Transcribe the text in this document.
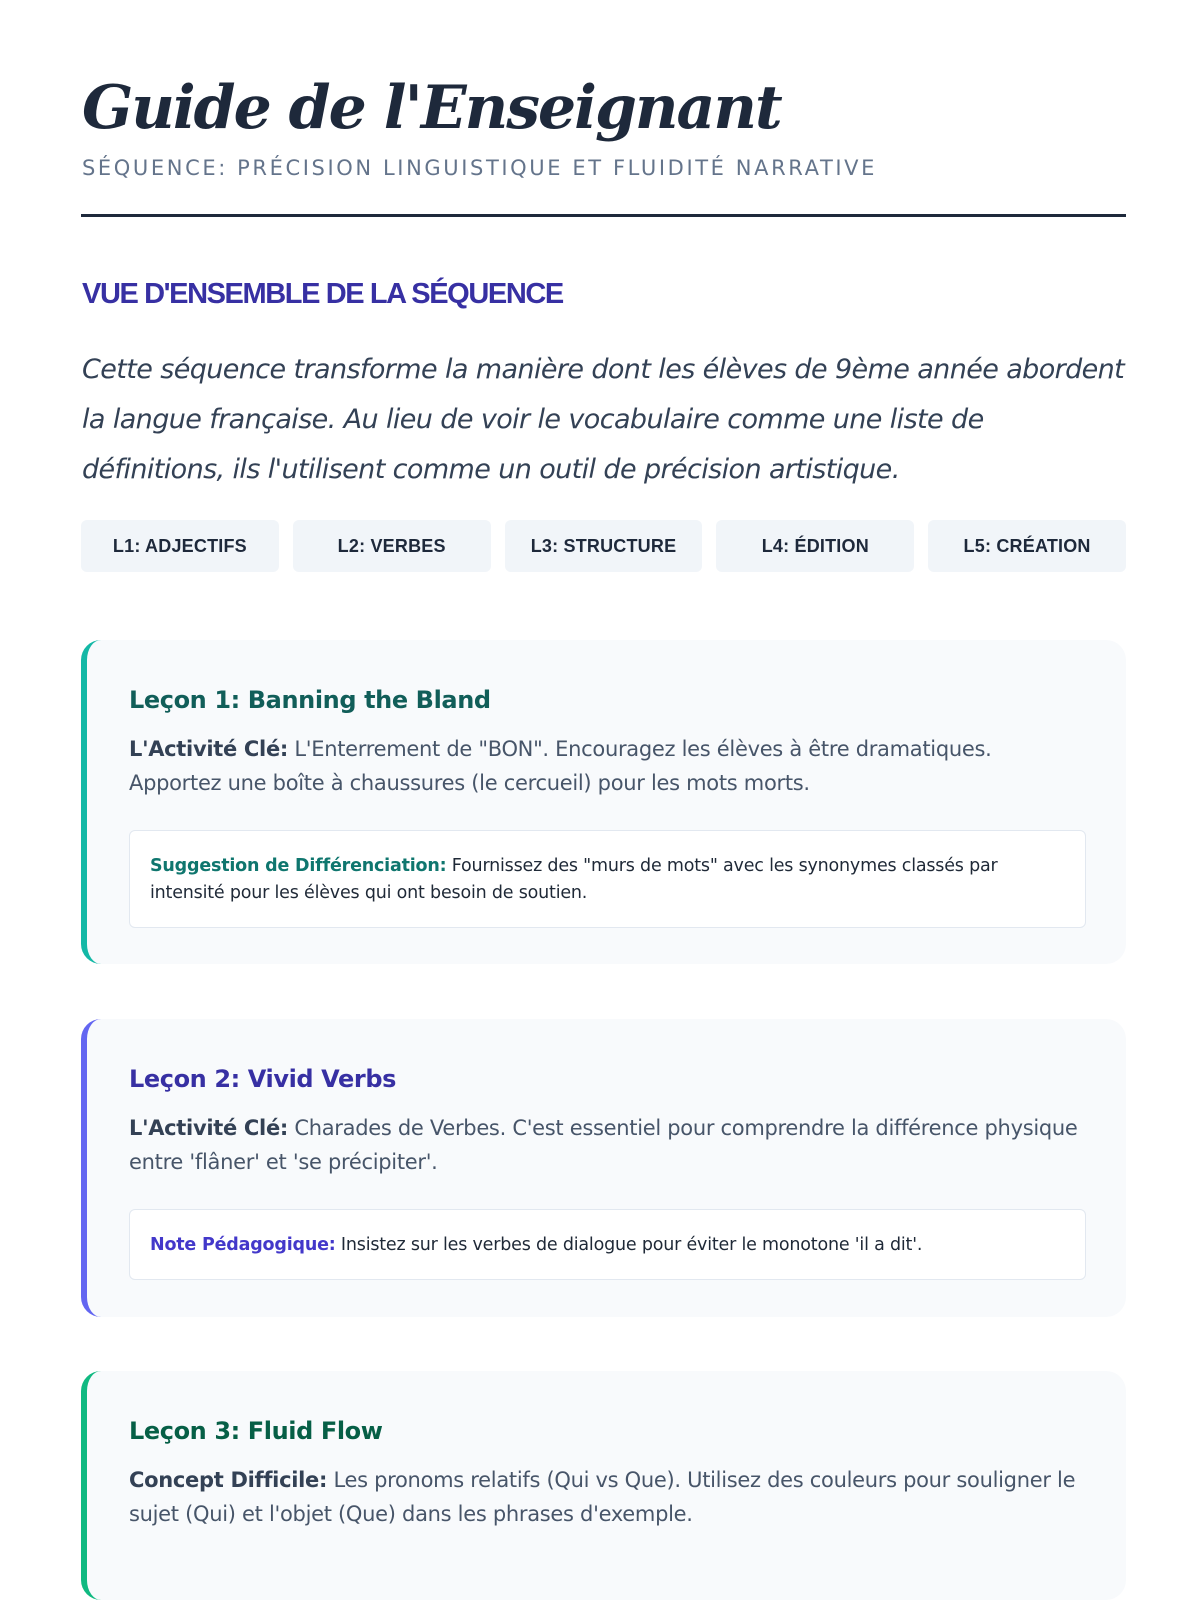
Guide de l'Enseignant
SÉQUENCE: PRÉCISION LINGUISTIQUE ET FLUIDITÉ NARRATIVE
VUE D'ENSEMBLE DE LA SÉQUENCE

Cette séquence transforme la manière dont les élèves de 9ème année abordent la langue française. Au lieu de voir le vocabulaire comme une liste de définitions, ils l'utilisent comme un outil de précision artistique.

L1: ADJECTIFS	L2: VERBES	L3: STRUCTURE	L4: ÉDITION	L5: CRÉATION
Leçon 1: Banning the Bland

L'Activité Clé: L'Enterrement de "BON". Encouragez les élèves à être dramatiques. Apportez une boîte à chaussures (le cercueil) pour les mots morts.

Suggestion de Différenciation: Fournissez des "murs de mots" avec les synonymes classés par intensité pour les élèves qui ont besoin de soutien.
Leçon 2: Vivid Verbs

L'Activité Clé: Charades de Verbes. C'est essentiel pour comprendre la différence physique entre 'flâner' et 'se précipiter'.

Note Pédagogique: Insistez sur les verbes de dialogue pour éviter le monotone 'il a dit'.
Leçon 3: Fluid Flow

Concept Difficile: Les pronoms relatifs (Qui vs Que). Utilisez des couleurs pour souligner le sujet (Qui) et l'objet (Que) dans les phrases d'exemple.
